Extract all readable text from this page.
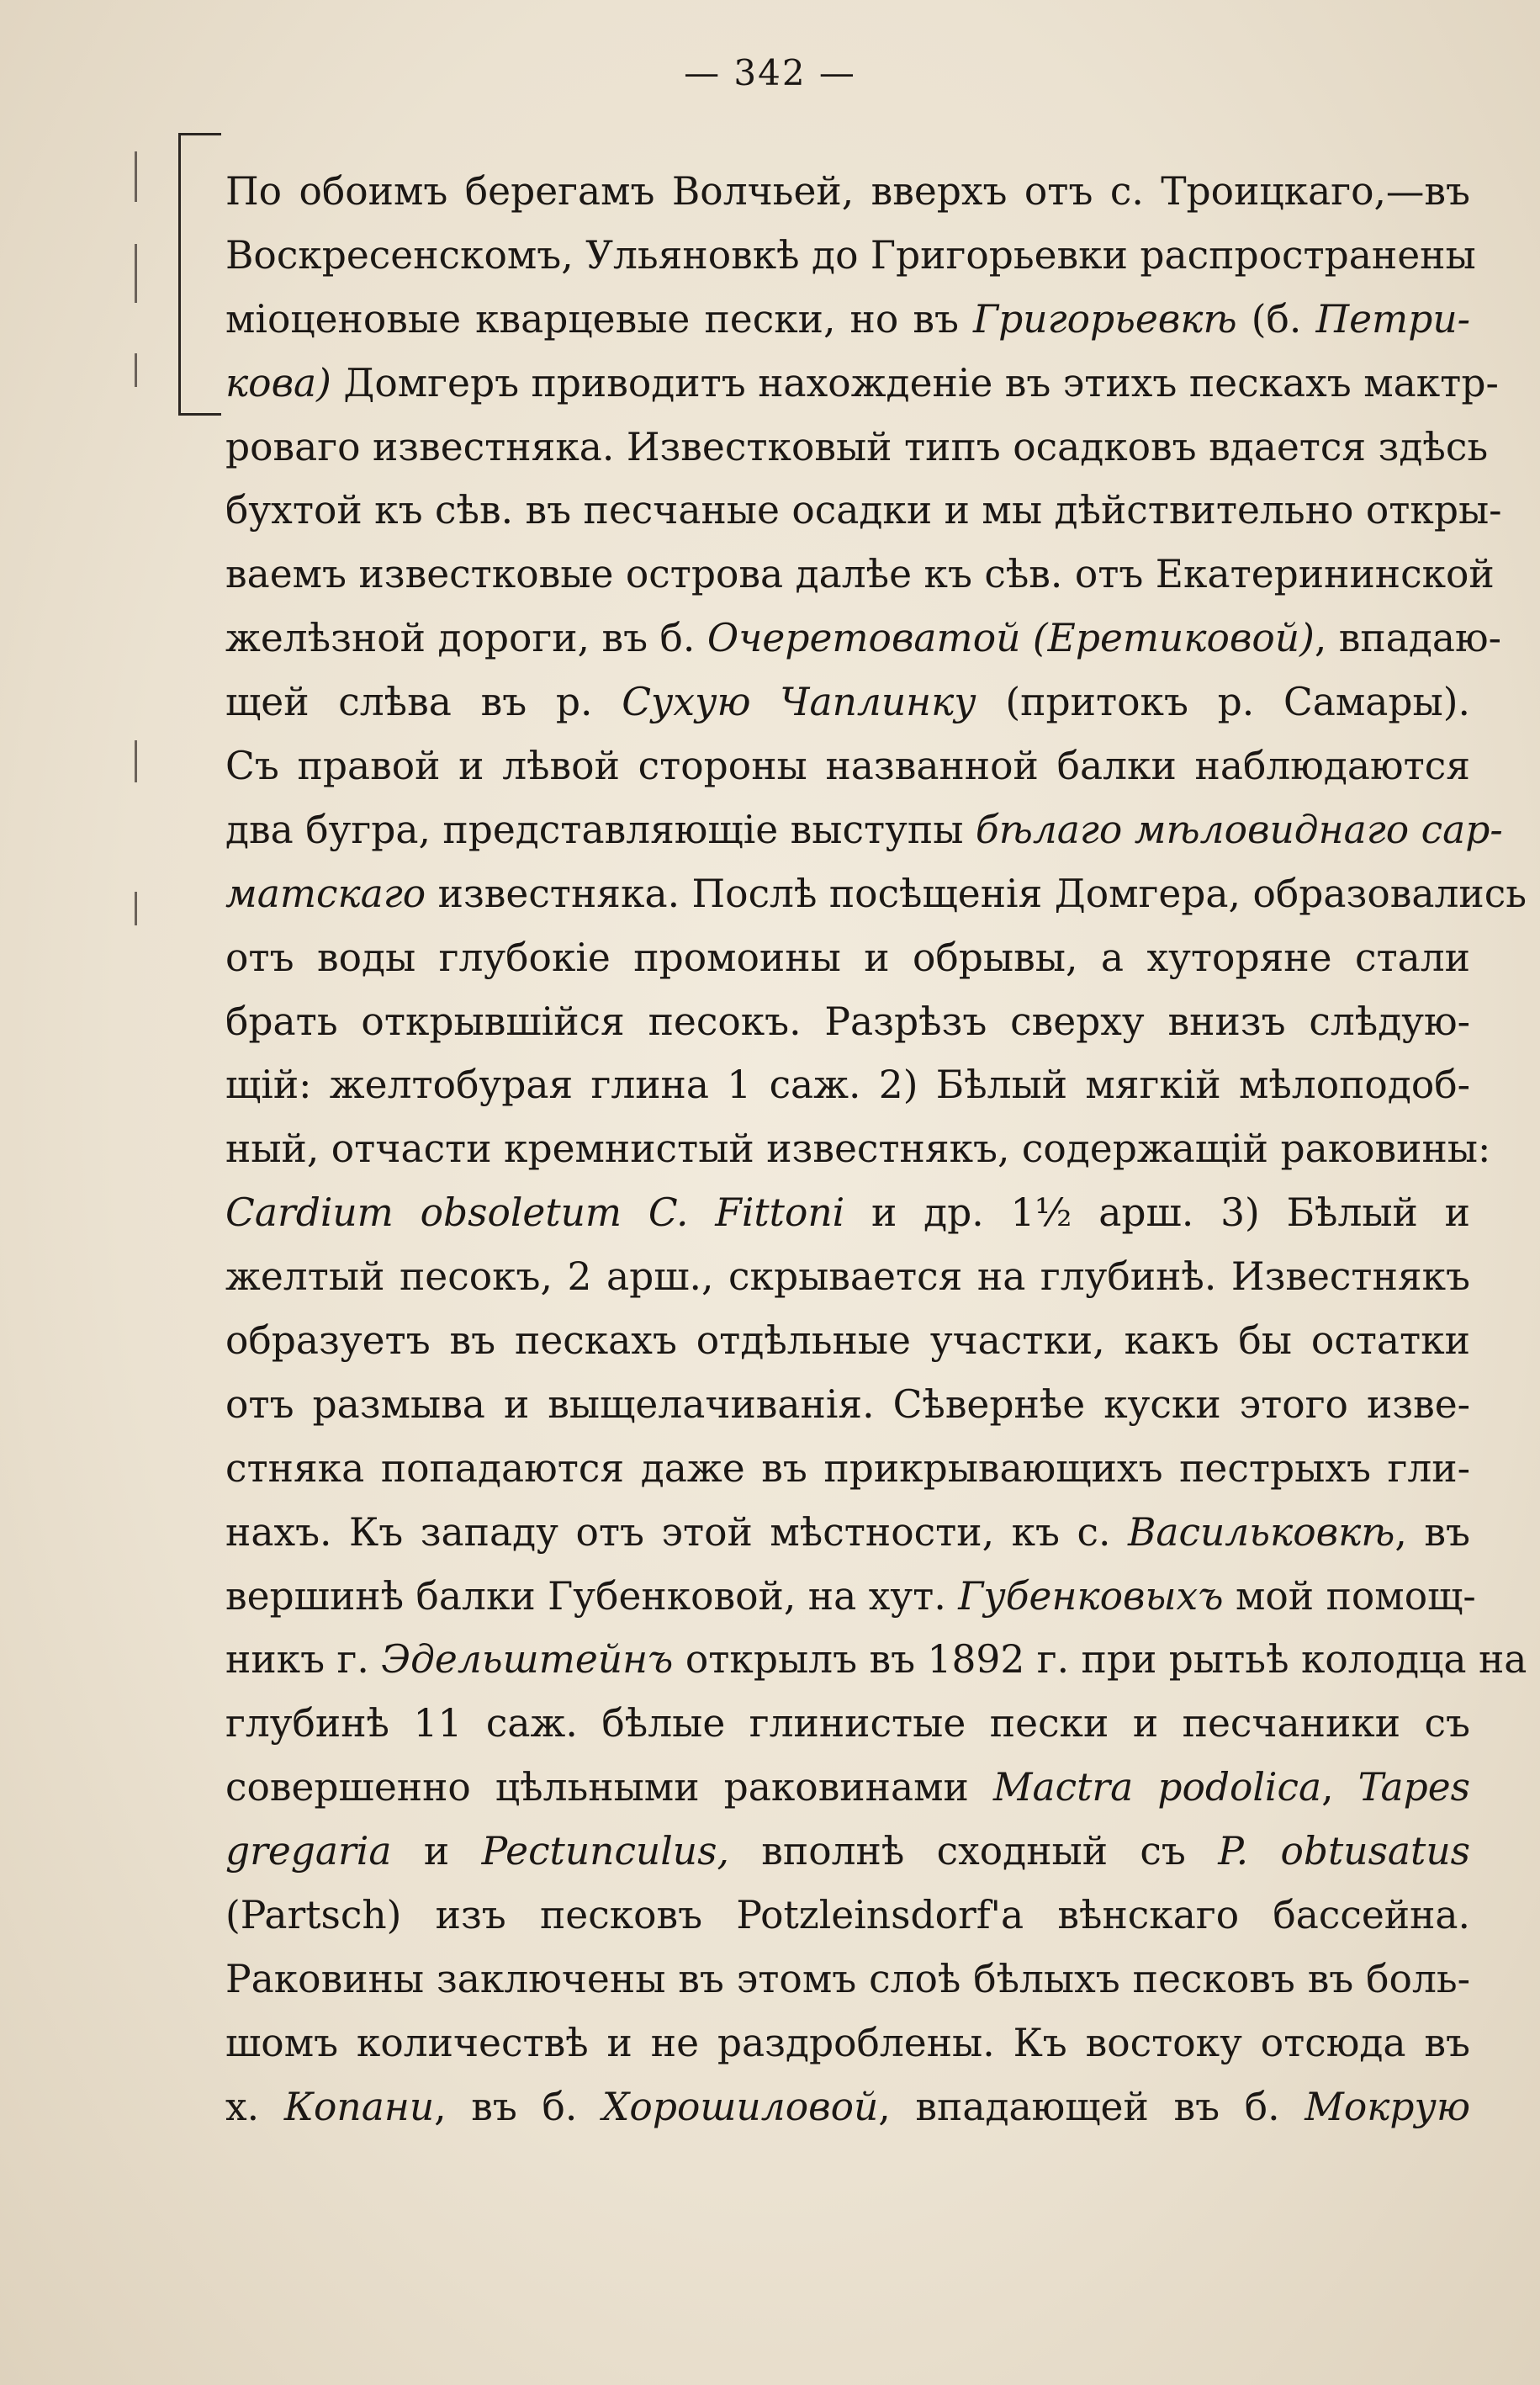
— 342 —
По обоимъ берегамъ Волчьей, вверхъ отъ с. Троицкаго,—въ
Воскресенскомъ, Ульяновкѣ до Григорьевки распространены
міоценовые кварцевые пески, но въ Григорьевкѣ (б. Петри-
кова) Домгеръ приводитъ нахожденіе въ этихъ пескахъ мактр-
роваго известняка. Известковый типъ осадковъ вдается здѣсь
бухтой къ сѣв. въ песчаные осадки и мы дѣйствительно откры-
ваемъ известковые острова далѣе къ сѣв. отъ Екатерининской
желѣзной дороги, въ б. Очеретоватой (Еретиковой), впадаю-
щей слѣва въ р. Сухую Чаплинку (притокъ р. Самары).
Съ правой и лѣвой стороны названной балки наблюдаются
два бугра, представляющіе выступы бѣлаго мѣловиднаго сар-
матскаго известняка. Послѣ посѣщенія Домгера, образовались
отъ воды глубокіе промоины и обрывы, а хуторяне стали
брать открывшійся песокъ. Разрѣзъ сверху внизъ слѣдую-
щій: желтобурая глина 1 саж. 2) Бѣлый мягкій мѣлоподоб-
ный, отчасти кремнистый известнякъ, содержащій раковины:
Cardium obsoletum C. Fittoni и др. 1½ арш. 3) Бѣлый и
желтый песокъ, 2 арш., скрывается на глубинѣ. Известнякъ
образуетъ въ пескахъ отдѣльные участки, какъ бы остатки
отъ размыва и выщелачиванія. Сѣвернѣе куски этого изве-
стняка попадаются даже въ прикрывающихъ пестрыхъ гли-
нахъ. Къ западу отъ этой мѣстности, къ с. Васильковкѣ, въ
вершинѣ балки Губенковой, на хут. Губенковыхъ мой помощ-
никъ г. Эдельштейнъ открылъ въ 1892 г. при рытьѣ колодца на
глубинѣ 11 саж. бѣлые глинистые пески и песчаники съ
совершенно цѣльными раковинами Mactra podolica, Tapes
gregaria и Pectunculus, вполнѣ сходный съ P. obtusatus
(Partsch) изъ песковъ Potzleinsdorf'а вѣнскаго бассейна.
Раковины заключены въ этомъ слоѣ бѣлыхъ песковъ въ боль-
шомъ количествѣ и не раздроблены. Къ востоку отсюда въ
х. Копани, въ б. Хорошиловой, впадающей въ б. Мокрую
